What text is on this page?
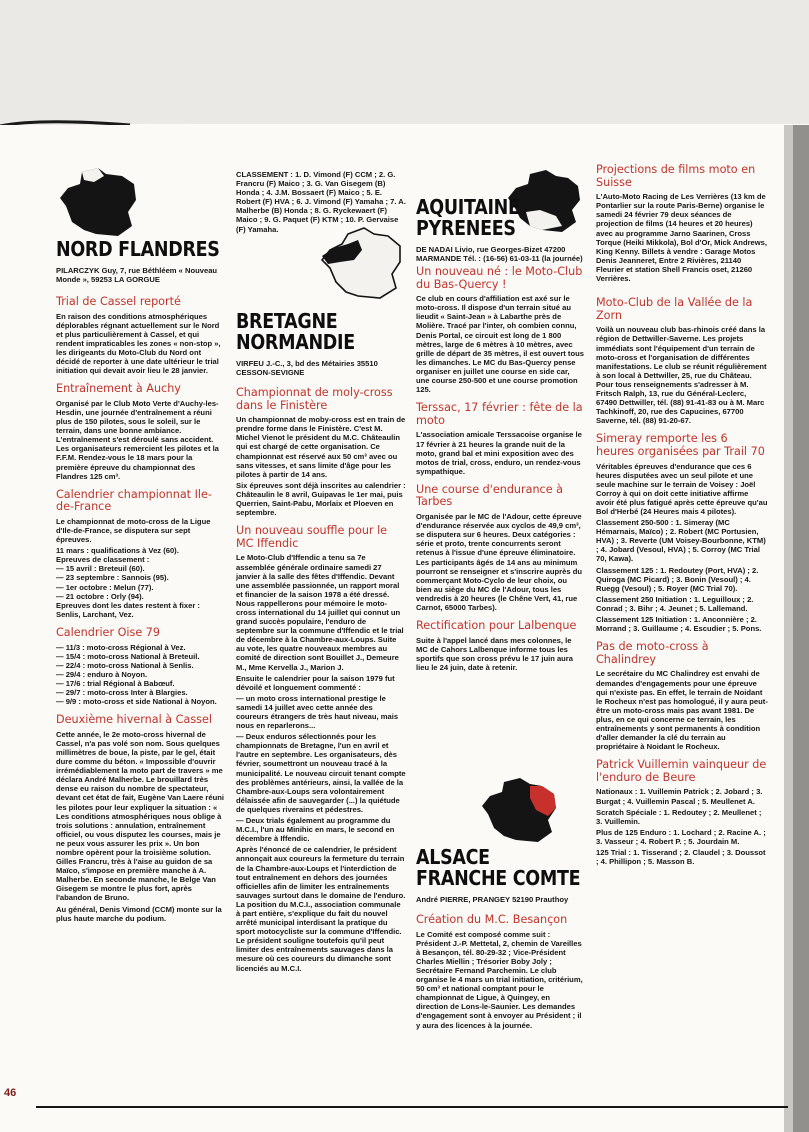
NORD FLANDRES
PILARCZYK Guy, 7, rue Béthléem « Nouveau Monde », 59253 LA GORGUE
Trial de Cassel reporté

En raison des conditions atmosphériques déplorables régnant actuellement sur le Nord et plus particulièrement à Cassel, et qui rendent impraticables les zones « non-stop », les dirigeants du Moto-Club du Nord ont décidé de reporter à une date ultérieur le trial initiation qui devait avoir lieu le 28 janvier.

Entraînement à Auchy

Organisé par le Club Moto Verte d'Auchy-les-Hesdin, une journée d'entraînement a réuni plus de 150 pilotes, sous le soleil, sur le terrain, dans une bonne ambiance. L'entraînement s'est déroulé sans accident. Les organisateurs remercient les pilotes et la F.F.M. Rendez-vous le 18 mars pour la première épreuve du championnat des Flandres 125 cm³.

Calendrier championnat Ile-de-France

Le championnat de moto-cross de la Ligue d'Ile-de-France, se disputera sur sept épreuves.

11 mars : qualifications à Vez (60).
Epreuves de classement :
— 15 avril : Breteuil (60).
— 23 septembre : Sannois (95).
— 1er octobre : Melun (77).
— 21 octobre : Orly (94).
Epreuves dont les dates restent à fixer : Senlis, Larchant, Vez.
Calendrier Oise 79
— 11/3 : moto-cross Régional à Vez.
— 15/4 : moto-cross National à Breteuil.
— 22/4 : moto-cross National à Senlis.
— 29/4 : enduro à Noyon.
— 17/6 : trial Régional à Babœuf.
— 29/7 : moto-cross Inter à Blargies.
— 9/9 : moto-cross et side National à Noyon.
Deuxième hivernal à Cassel

Cette année, le 2e moto-cross hivernal de Cassel, n'a pas volé son nom. Sous quelques millimètres de boue, la piste, par le gel, était dure comme du béton. « Impossible d'ouvrir irrémédiablement la moto part de travers » me déclara André Malherbe. Le brouillard très dense eu raison du nombre de spectateur, devant cet état de fait, Eugène Van Laere réuni les pilotes pour leur expliquer la situation : « Les conditions atmosphériques nous oblige à trois solutions : annulation, entraînement officiel, ou vous disputez les courses, mais je ne peux vous assurer les prix ». Un bon nombre opèrent pour la troisième solution. Gilles Francru, très à l'aise au guidon de sa Maïco, s'impose en première manche à A. Malherbe. En seconde manche, le Belge Van Gisegem se montre le plus fort, après l'abandon de Bruno.

Au général, Denis Vimond (CCM) monte sur la plus haute marche du podium.

CLASSEMENT : 1. D. Vimond (F) CCM ; 2. G. Francru (F) Maico ; 3. G. Van Gisegem (B) Honda ; 4. J.M. Bossaert (F) Maico ; 5. E. Robert (F) HVA ; 6. J. Vimond (F) Yamaha ; 7. A. Malherbe (B) Honda ; 8. G. Ryckewaert (F) Maico ; 9. G. Paquet (F) KTM ; 10. P. Gervaise (F) Yamaha.

BRETAGNE
NORMANDIE
VIRFEU J.-C., 3, bd des Métairies 35510 CESSON-SEVIGNE
Championnat de moly-cross dans le Finistère

Un championnat de moby-cross est en train de prendre forme dans le Finistère. C'est M. Michel Vienot le président du M.C. Châteaulin qui est chargé de cette organisation. Ce championnat est réservé aux 50 cm³ avec ou sans vitesses, et sans limite d'âge pour les pilotes à partir de 14 ans.

Six épreuves sont déjà inscrites au calendrier : Châteaulin le 8 avril, Guipavas le 1er mai, puis Querrien, Saint-Pabu, Morlaix et Ploeven en septembre.

Un nouveau souffle pour le MC Iffendic

Le Moto-Club d'Iffendic a tenu sa 7e assemblée générale ordinaire samedi 27 janvier à la salle des fêtes d'Iffendic. Devant une assemblée passionnée, un rapport moral et financier de la saison 1978 a été dressé. Nous rappellerons pour mémoire le moto-cross international du 14 juillet qui connut un grand succès populaire, l'enduro de septembre sur la commune d'Iffendic et le trial de décembre à la Chambre-aux-Loups. Suite au vote, les quatre nouveaux membres au comité de direction sont Bouillet J., Demeure M., Mme Kervella J., Marion J.

Ensuite le calendrier pour la saison 1979 fut dévoilé et longuement commenté :

— un moto cross international prestige le samedi 14 juillet avec cette année des coureurs étrangers de très haut niveau, mais nous en reparlerons...

— Deux enduros sélectionnés pour les championnats de Bretagne, l'un en avril et l'autre en septembre. Les organisateurs, dès février, soumettront un nouveau tracé à la municipalité. Le nouveau circuit tenant compte des problèmes antérieurs, ainsi, la vallée de la Chambre-aux-Loups sera volontairement délaissée afin de sauvegarder (...) la quiétude de quelques riverains et pédestres.

— Deux trials également au programme du M.C.I., l'un au Minihic en mars, le second en décembre à Iffendic.

Après l'énoncé de ce calendrier, le président annonçait aux coureurs la fermeture du terrain de la Chambre-aux-Loups et l'interdiction de tout entraînement en dehors des journées officielles afin de limiter les entraînements sauvages surtout dans le domaine de l'enduro. La position du M.C.I., association communale à part entière, s'explique du fait du nouvel arrêté municipal interdisant la pratique du sport motocycliste sur la commune d'Iffendic. Le président souligne toutefois qu'il peut limiter des entraînements sauvages dans la mesure où ces coureurs du dimanche sont licenciés au M.C.I.

AQUITAINE
PYRENEES
DE NADAI Livio, rue Georges-Bizet 47200 MARMANDE Tél. : (16-56) 61-03-11 (la journée)
Un nouveau né : le Moto-Club du Bas-Quercy !

Ce club en cours d'affiliation est axé sur le moto-cross. Il dispose d'un terrain situé au lieudit « Saint-Jean » à Labarthe près de Molière. Tracé par l'inter, oh combien connu, Denis Portal, ce circuit est long de 1 800 mètres, large de 6 mètres à 10 mètres, avec grille de départ de 35 mètres, il est ouvert tous les dimanches. Le MC du Bas-Quercy pense organiser en juillet une course en side car, une course 250-500 et une course promotion 125.

Terssac, 17 février : fête de la moto

L'association amicale Terssacoise organise le 17 février à 21 heures la grande nuit de la moto, grand bal et mini exposition avec des motos de trial, cross, enduro, un rendez-vous sympathique.

Une course d'endurance à Tarbes

Organisée par le MC de l'Adour, cette épreuve d'endurance réservée aux cyclos de 49,9 cm³, se disputera sur 6 heures. Deux catégories : série et proto, trente concurrents seront retenus à l'issue d'une épreuve éliminatoire. Les participants âgés de 14 ans au minimum pourront se renseigner et s'inscrire auprès du commerçant Moto-Cyclo de leur choix, ou bien au siège du MC de l'Adour, tous les vendredis à 20 heures (le Chêne Vert, 41, rue Carnot, 65000 Tarbes).

Rectification pour Lalbenque

Suite à l'appel lancé dans mes colonnes, le MC de Cahors Lalbenque informe tous les sportifs que son cross prévu le 17 juin aura lieu le 24 juin, date à retenir.

ALSACE
FRANCHE COMTE
André PIERRE, PRANGEY 52190 Prauthoy
Création du M.C. Besançon

Le Comité est composé comme suit : Président J.-P. Mettetal, 2, chemin de Vareilles à Besançon, tél. 80-29-32 ; Vice-Président Charles Miellin ; Trésorier Boby Joly ; Secrétaire Fernand Parchemin. Le club organise le 4 mars un trial initiation, critérium, 50 cm³ et national comptant pour le championnat de Ligue, à Quingey, en direction de Lons-le-Saunier. Les demandes d'engagement sont à envoyer au Président ; il y aura des licences à la journée.

Projections de films moto en Suisse

L'Auto-Moto Racing de Les Verrières (13 km de Pontarlier sur la route Paris-Berne) organise le samedi 24 février 79 deux séances de projection de films (14 heures et 20 heures) avec au programme Jarno Saarinen, Cross Torque (Heiki Mikkola), Bol d'Or, Mick Andrews, King Kenny. Billets à vendre : Garage Motos Denis Jeanneret, Entre 2 Rivières, 21140 Fleurier et station Shell Francis oset, 21260 Verrières.

Moto-Club de la Vallée de la Zorn

Voilà un nouveau club bas-rhinois créé dans la région de Dettwiller-Saverne. Les projets immédiats sont l'équipement d'un terrain de moto-cross et l'organisation de différentes manifestations. Le club se réunit régulièrement à son local à Dettwiller, 25, rue du Château. Pour tous renseignements s'adresser à M. Fritsch Ralph, 13, rue du Général-Leclerc, 67490 Dettwiller, tél. (88) 91-41-83 ou à M. Marc Tachkinoff, 20, rue des Capucines, 67700 Saverne, tél. (88) 91-20-67.

Simeray remporte les 6 heures organisées par Trail 70

Véritables épreuves d'endurance que ces 6 heures disputées avec un seul pilote et une seule machine sur le terrain de Voisey : Joël Corroy à qui on doit cette initiative affirme avoir été plus fatigué après cette épreuve qu'au Bol d'Herbé (24 Heures mais 4 pilotes).

Classement 250-500 : 1. Simeray (MC Hémarnais, Maïco) ; 2. Robert (MC Portusien, HVA) ; 3. Reverte (UM Voisey-Bourbonne, KTM) ; 4. Jobard (Vesoul, HVA) ; 5. Corroy (MC Trial 70, Kawa).

Classement 125 : 1. Redoutey (Port, HVA) ; 2. Quiroga (MC Picard) ; 3. Bonin (Vesoul) ; 4. Ruegg (Vesoul) ; 5. Royer (MC Trial 70).

Classement 250 Initiation : 1. Leguilloux ; 2. Conrad ; 3. Bihr ; 4. Jeunet ; 5. Lallemand.

Classement 125 Initiation : 1. Anconnière ; 2. Morrand ; 3. Guillaume ; 4. Escudier ; 5. Pons.

Pas de moto-cross à Chalindrey

Le secrétaire du MC Chalindrey est envahi de demandes d'engagements pour une épreuve qui n'existe pas. En effet, le terrain de Noidant le Rocheux n'est pas homologué, il y aura peut-être un moto-cross mais pas avant 1981. De plus, en ce qui concerne ce terrain, les entraînements y sont permanents à condition d'aller demander la clé du terrain au propriétaire à Noidant le Rocheux.

Patrick Vuillemin vainqueur de l'enduro de Beure

Nationaux : 1. Vuillemin Patrick ; 2. Jobard ; 3. Burgat ; 4. Vuillemin Pascal ; 5. Meullenet A.

Scratch Spéciale : 1. Redoutey ; 2. Meullenet ; 3. Vuillemin.

Plus de 125 Enduro : 1. Lochard ; 2. Racine A. ; 3. Vasseur ; 4. Robert P. ; 5. Jourdain M.

125 Trial : 1. Tisserand ; 2. Claudel ; 3. Doussot ; 4. Phillipon ; 5. Masson B.

46
